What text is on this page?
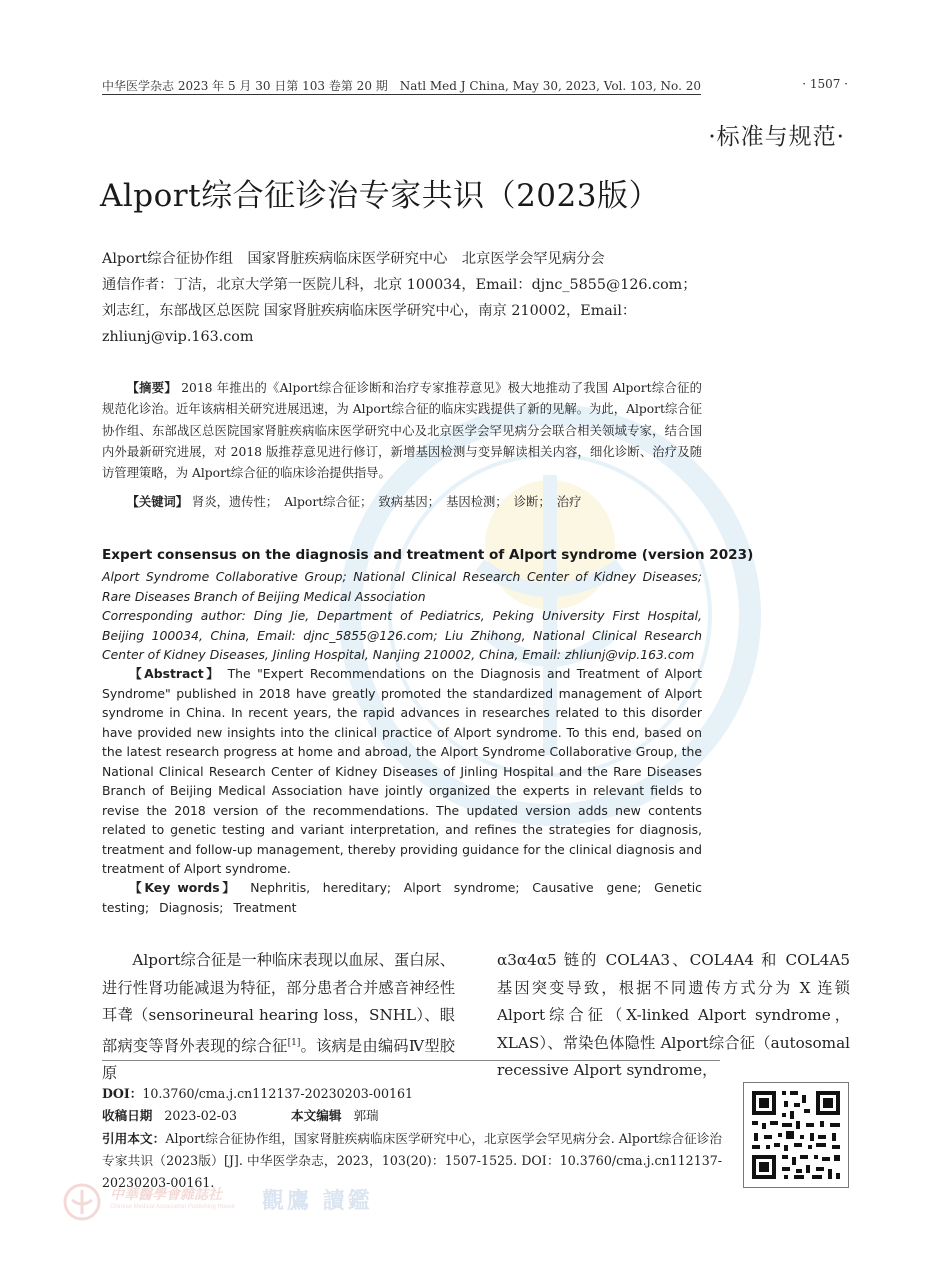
中华医学杂志 2023 年 5 月 30 日第 103 卷第 20 期　Natl Med J China, May 30, 2023, Vol. 103, No. 20	· 1507 ·
·标准与规范·
Alport综合征诊治专家共识（2023版）
Alport综合征协作组　国家肾脏疾病临床医学研究中心　北京医学会罕见病分会
通信作者：丁洁，北京大学第一医院儿科，北京 100034，Email：djnc_5855@126.com；
刘志红，东部战区总医院 国家肾脏疾病临床医学研究中心，南京 210002，Email：
zhliunj@vip.163.com
【摘要】 2018 年推出的《Alport综合征诊断和治疗专家推荐意见》极大地推动了我国 Alport综合征的规范化诊治。近年该病相关研究进展迅速，为 Alport综合征的临床实践提供了新的见解。为此，Alport综合征协作组、东部战区总医院国家肾脏疾病临床医学研究中心及北京医学会罕见病分会联合相关领域专家，结合国内外最新研究进展，对 2018 版推荐意见进行修订，新增基因检测与变异解读相关内容，细化诊断、治疗及随访管理策略，为 Alport综合征的临床诊治提供指导。
【关键词】 肾炎，遗传性；　Alport综合征；　致病基因；　基因检测；　诊断；　治疗
Expert consensus on the diagnosis and treatment of Alport syndrome (version 2023)
Alport Syndrome Collaborative Group; National Clinical Research Center of Kidney Diseases; Rare Diseases Branch of Beijing Medical Association
Corresponding author: Ding Jie, Department of Pediatrics, Peking University First Hospital, Beijing 100034, China, Email: djnc_5855@126.com; Liu Zhihong, National Clinical Research Center of Kidney Diseases, Jinling Hospital, Nanjing 210002, China, Email: zhliunj@vip.163.com
【Abstract】 The "Expert Recommendations on the Diagnosis and Treatment of Alport Syndrome" published in 2018 have greatly promoted the standardized management of Alport syndrome in China. In recent years, the rapid advances in researches related to this disorder have provided new insights into the clinical practice of Alport syndrome. To this end, based on the latest research progress at home and abroad, the Alport Syndrome Collaborative Group, the National Clinical Research Center of Kidney Diseases of Jinling Hospital and the Rare Diseases Branch of Beijing Medical Association have jointly organized the experts in relevant fields to revise the 2018 version of the recommendations. The updated version adds new contents related to genetic testing and variant interpretation, and refines the strategies for diagnosis, treatment and follow-up management, thereby providing guidance for the clinical diagnosis and treatment of Alport syndrome.
【Key words】 Nephritis, hereditary; Alport syndrome; Causative gene; Genetic testing; Diagnosis; Treatment
Alport综合征是一种临床表现以血尿、蛋白尿、进行性肾功能减退为特征，部分患者合并感音神经性耳聋（sensorineural hearing loss，SNHL）、眼部病变等肾外表现的综合征[1]。该病是由编码Ⅳ型胶原
α3α4α5 链的 COL4A3、COL4A4 和 COL4A5 基因突变导致，根据不同遗传方式分为 X 连锁 Alport综合征（X-linked Alport syndrome，XLAS）、常染色体隐性 Alport综合征（autosomal recessive Alport syndrome，
DOI：10.3760/cma.j.cn112137-20230203-00161
收稿日期 2023-02-03	本文编辑 郭瑞
引用本文：Alport综合征协作组，国家肾脏疾病临床医学研究中心，北京医学会罕见病分会. Alport综合征诊治专家共识（2023版）[J]. 中华医学杂志，2023，103(20)：1507-1525. DOI：10.3760/cma.j.cn112137-20230203-00161.
中華醫學會雜誌社
Chinese Medical Association Publishing House 觀鷹 讀鑑
